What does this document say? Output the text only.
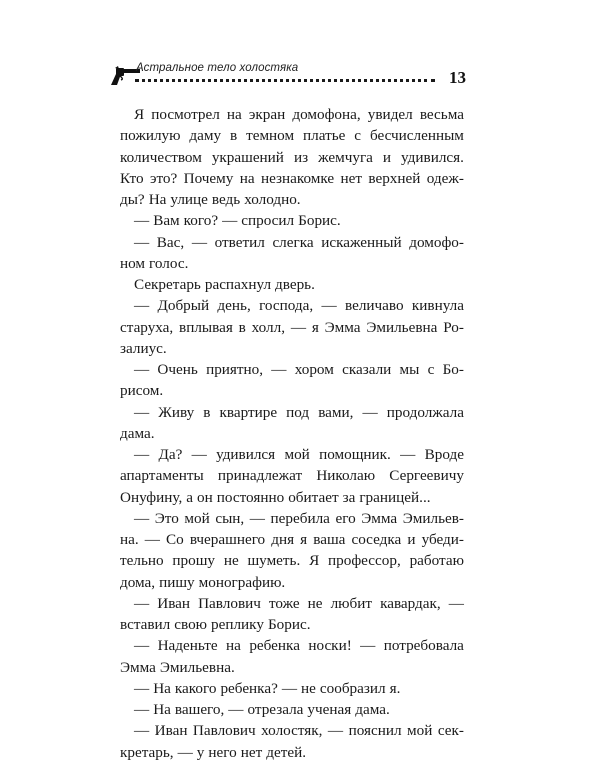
Астральное тело холостяка	13
Я посмотрел на экран домофона, увидел весьма
пожилую даму в темном платье с бесчисленным
количеством украшений из жемчуга и удивился.
Кто это? Почему на незнакомке нет верхней одеж-
ды? На улице ведь холодно.
— Вам кого? — спросил Борис.
— Вас, — ответил слегка искаженный домофо-
ном голос.
Секретарь распахнул дверь.
— Добрый день, господа, — величаво кивнула
старуха, вплывая в холл, — я Эмма Эмильевна Ро-
залиус.
— Очень приятно, — хором сказали мы с Бо-
рисом.
— Живу в квартире под вами, — продолжала
дама.
— Да? — удивился мой помощник. — Вроде
апартаменты принадлежат Николаю Сергеевичу
Онуфину, а он постоянно обитает за границей...
— Это мой сын, — перебила его Эмма Эмильев-
на. — Со вчерашнего дня я ваша соседка и убеди-
тельно прошу не шуметь. Я профессор, работаю
дома, пишу монографию.
— Иван Павлович тоже не любит кавардак, —
вставил свою реплику Борис.
— Наденьте на ребенка носки! — потребовала
Эмма Эмильевна.
— На какого ребенка? — не сообразил я.
— На вашего, — отрезала ученая дама.
— Иван Павлович холостяк, — пояснил мой сек-
кретарь, — у него нет детей.
